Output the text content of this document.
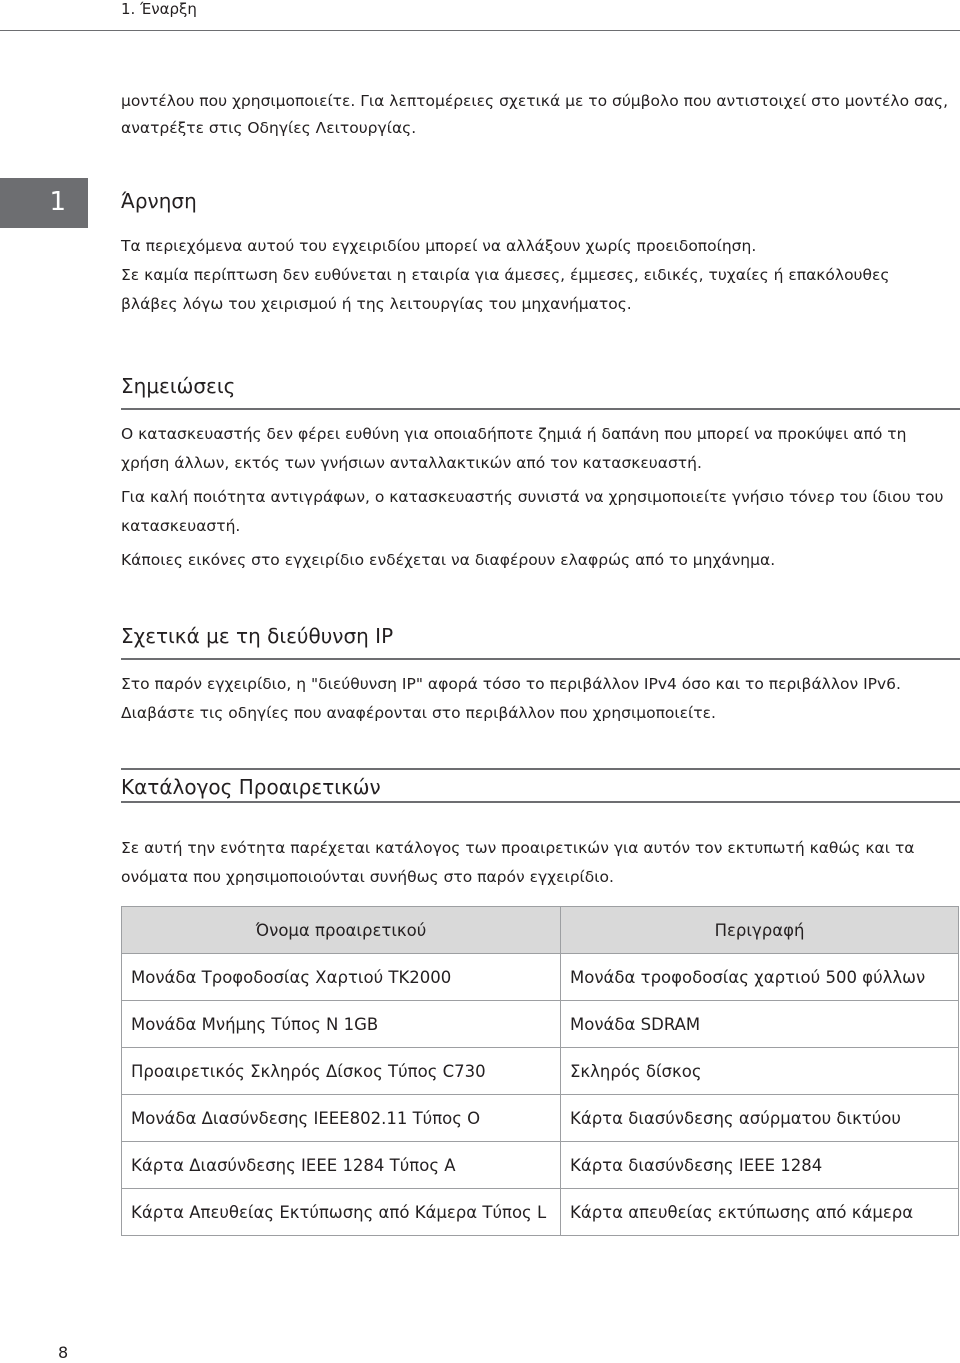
1. Έναρξη
μοντέλου που χρησιμοποιείτε. Για λεπτομέρειες σχετικά με το σύμβολο που αντιστοιχεί στο μοντέλο σας, ανατρέξτε στις Οδηγίες Λειτουργίας.
1	Άρνηση

Τα περιεχόμενα αυτού του εγχειριδίου μπορεί να αλλάξουν χωρίς προειδοποίηση.

Σε καμία περίπτωση δεν ευθύνεται η εταιρία για άμεσες, έμμεσες, ειδικές, τυχαίες ή επακόλουθες βλάβες λόγω του χειρισμού ή της λειτουργίας του μηχανήματος.

Σημειώσεις

Ο κατασκευαστής δεν φέρει ευθύνη για οποιαδήποτε ζημιά ή δαπάνη που μπορεί να προκύψει από τη χρήση άλλων, εκτός των γνήσιων ανταλλακτικών από τον κατασκευαστή.

Για καλή ποιότητα αντιγράφων, ο κατασκευαστής συνιστά να χρησιμοποιείτε γνήσιο τόνερ του ίδιου του κατασκευαστή.

Κάποιες εικόνες στο εγχειρίδιο ενδέχεται να διαφέρουν ελαφρώς από το μηχάνημα.

Σχετικά με τη διεύθυνση IP

Στο παρόν εγχειρίδιο, η "διεύθυνση IP" αφορά τόσο το περιβάλλον IPv4 όσο και το περιβάλλον IPv6. Διαβάστε τις οδηγίες που αναφέρονται στο περιβάλλον που χρησιμοποιείτε.

Κατάλογος Προαιρετικών

Σε αυτή την ενότητα παρέχεται κατάλογος των προαιρετικών για αυτόν τον εκτυπωτή καθώς και τα ονόματα που χρησιμοποιούνται συνήθως στο παρόν εγχειρίδιο.

Όνομα προαιρετικού	Περιγραφή
Μονάδα Τροφοδοσίας Χαρτιού TK2000	Μονάδα τροφοδοσίας χαρτιού 500 φύλλων
Μονάδα Μνήμης Τύπος N 1GB	Μονάδα SDRAM
Προαιρετικός Σκληρός Δίσκος Τύπος C730	Σκληρός δίσκος
Μονάδα Διασύνδεσης IEEE802.11 Τύπος O	Κάρτα διασύνδεσης ασύρματου δικτύου
Κάρτα Διασύνδεσης IEEE 1284 Τύπος A	Κάρτα διασύνδεσης IEEE 1284
Κάρτα Απευθείας Εκτύπωσης από Κάμερα Τύπος L	Κάρτα απευθείας εκτύπωσης από κάμερα
8
